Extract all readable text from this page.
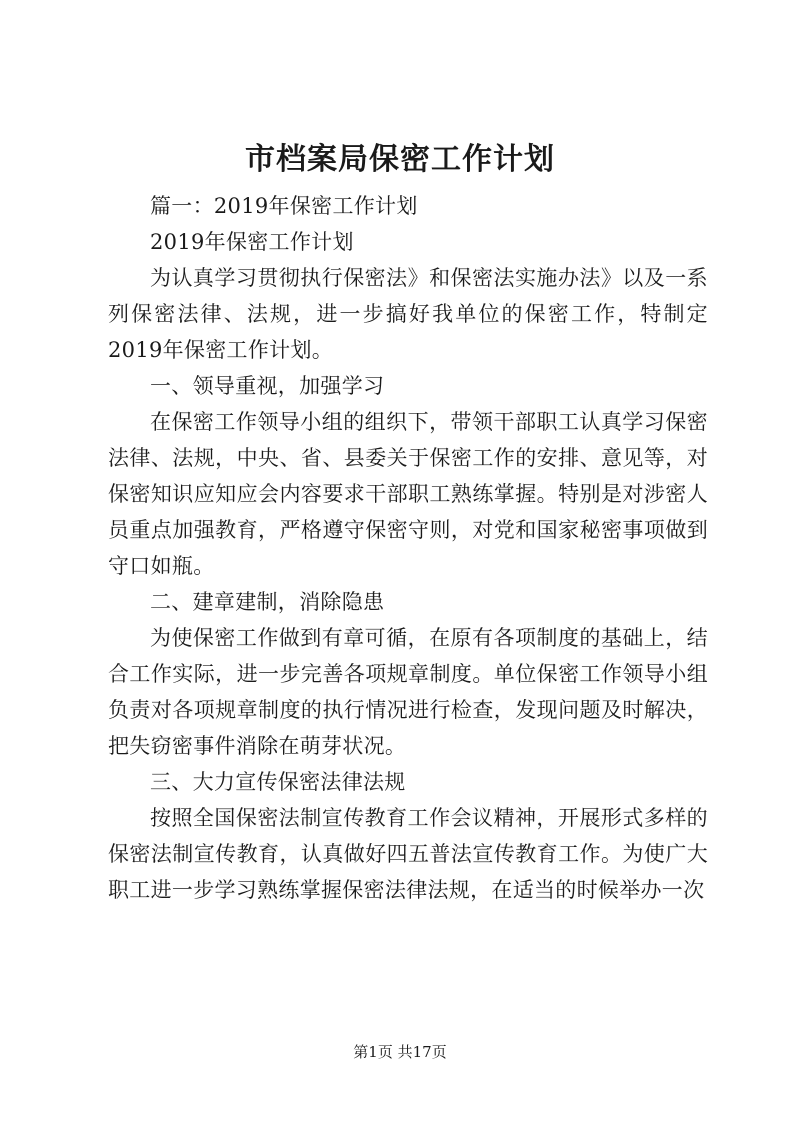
市档案局保密工作计划

篇一：2019年保密工作计划

2019年保密工作计划

为认真学习贯彻执行保密法》和保密法实施办法》以及一系列保密法律、法规，进一步搞好我单位的保密工作，特制定2019年保密工作计划。

一、领导重视，加强学习

在保密工作领导小组的组织下，带领干部职工认真学习保密法律、法规，中央、省、县委关于保密工作的安排、意见等，对保密知识应知应会内容要求干部职工熟练掌握。特别是对涉密人员重点加强教育，严格遵守保密守则，对党和国家秘密事项做到守口如瓶。

二、建章建制，消除隐患

为使保密工作做到有章可循，在原有各项制度的基础上，结合工作实际，进一步完善各项规章制度。单位保密工作领导小组负责对各项规章制度的执行情况进行检查，发现问题及时解决，把失窃密事件消除在萌芽状况。

三、大力宣传保密法律法规

按照全国保密法制宣传教育工作会议精神，开展形式多样的保密法制宣传教育，认真做好四五普法宣传教育工作。为使广大职工进一步学习熟练掌握保密法律法规，在适当的时候举办一次

第1页 共17页
